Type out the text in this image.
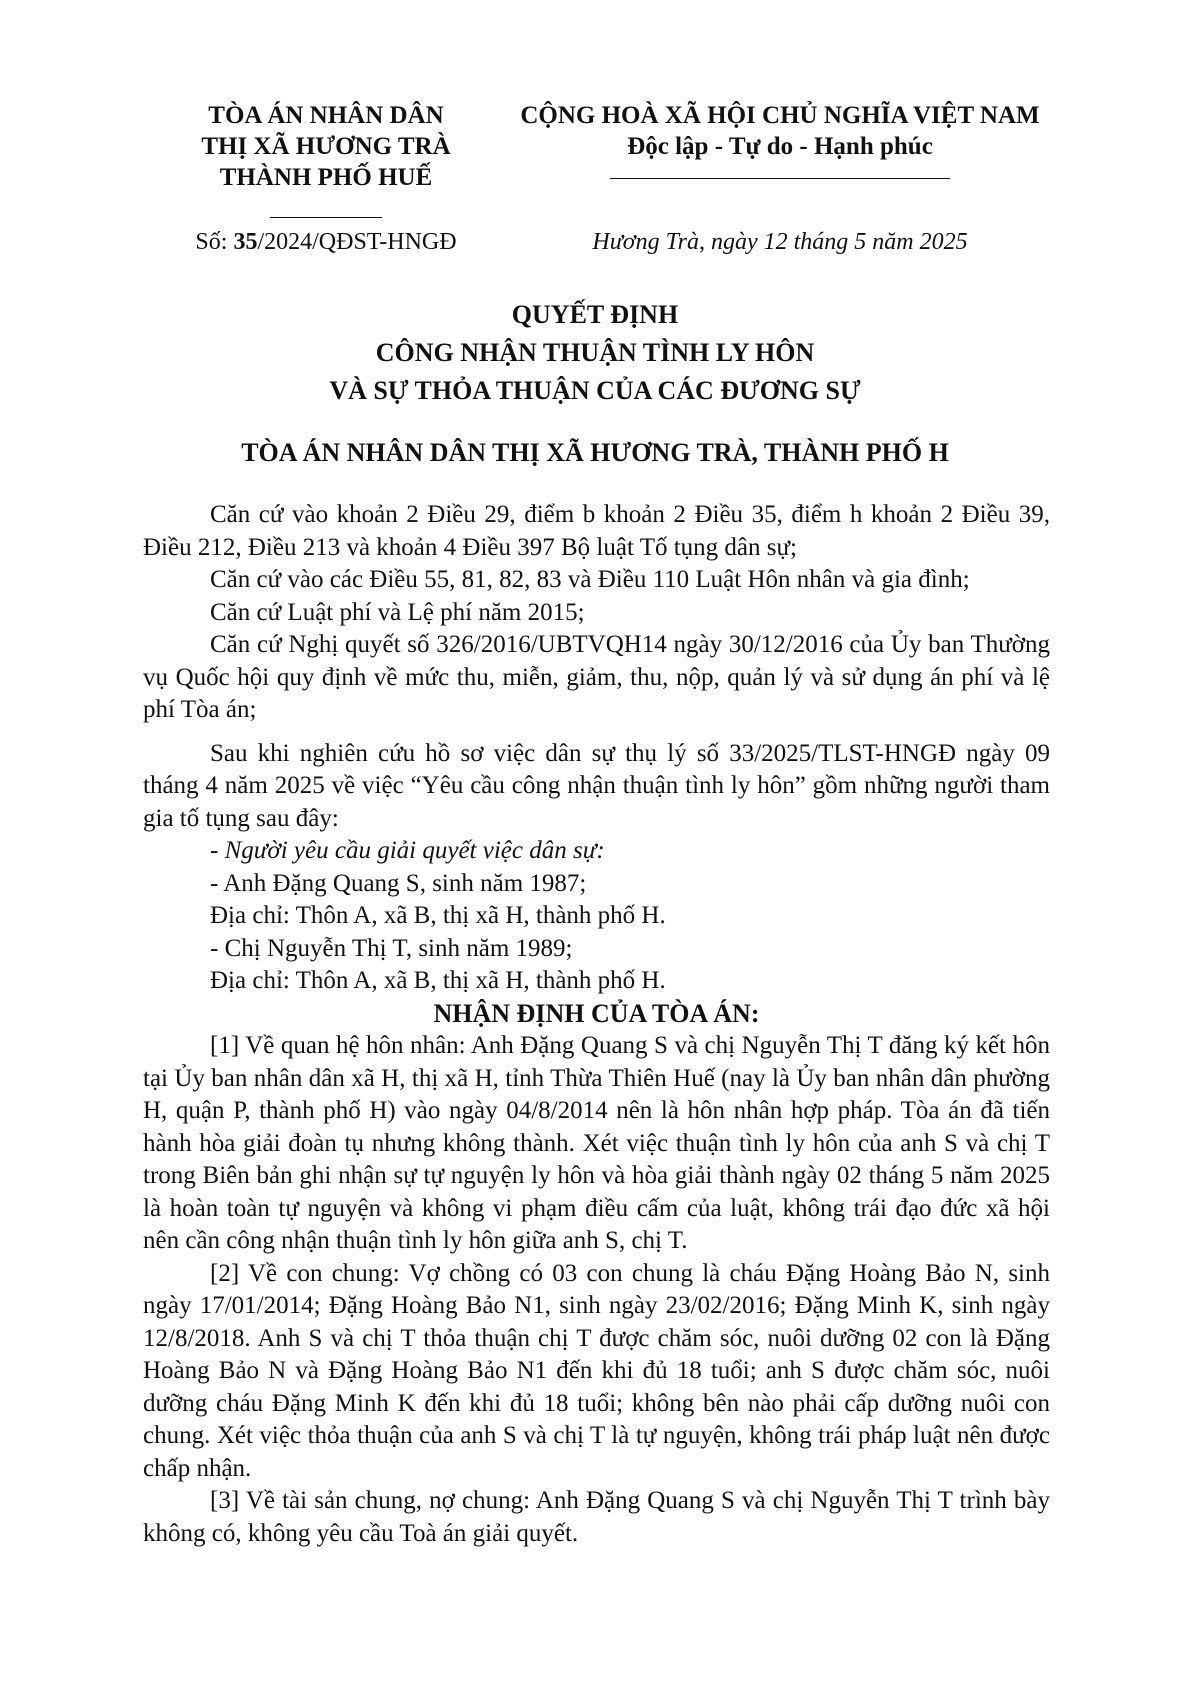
TÒA ÁN NHÂN DÂN
THỊ XÃ HƯƠNG TRÀ
THÀNH PHỐ HUẾ
Số: 35/2024/QĐST-HNGĐ
CỘNG HOÀ XÃ HỘI CHỦ NGHĨA VIỆT NAM
Độc lập - Tự do - Hạnh phúc
Hương Trà, ngày 12 tháng 5 năm 2025
QUYẾT ĐỊNH
CÔNG NHẬN THUẬN TÌNH LY HÔN
VÀ SỰ THỎA THUẬN CỦA CÁC ĐƯƠNG SỰ
TÒA ÁN NHÂN DÂN THỊ XÃ HƯƠNG TRÀ, THÀNH PHỐ H

Căn cứ vào khoản 2 Điều 29, điểm b khoản 2 Điều 35, điểm h khoản 2 Điều 39, Điều 212, Điều 213 và khoản 4 Điều 397 Bộ luật Tố tụng dân sự;

Căn cứ vào các Điều 55, 81, 82, 83 và Điều 110 Luật Hôn nhân và gia đình;

Căn cứ Luật phí và Lệ phí năm 2015;

Căn cứ Nghị quyết số 326/2016/UBTVQH14 ngày 30/12/2016 của Ủy ban Thường vụ Quốc hội quy định về mức thu, miễn, giảm, thu, nộp, quản lý và sử dụng án phí và lệ phí Tòa án;

Sau khi nghiên cứu hồ sơ việc dân sự thụ lý số 33/2025/TLST-HNGĐ ngày 09 tháng 4 năm 2025 về việc “Yêu cầu công nhận thuận tình ly hôn” gồm những người tham gia tố tụng sau đây:

- Người yêu cầu giải quyết việc dân sự:

- Anh Đặng Quang S, sinh năm 1987;

Địa chỉ: Thôn A, xã B, thị xã H, thành phố H.

- Chị Nguyễn Thị T, sinh năm 1989;

Địa chỉ: Thôn A, xã B, thị xã H, thành phố H.

NHẬN ĐỊNH CỦA TÒA ÁN:

[1] Về quan hệ hôn nhân: Anh Đặng Quang S và chị Nguyễn Thị T đăng ký kết hôn tại Ủy ban nhân dân xã H, thị xã H, tỉnh Thừa Thiên Huế (nay là Ủy ban nhân dân phường H, quận P, thành phố H) vào ngày 04/8/2014 nên là hôn nhân hợp pháp. Tòa án đã tiến hành hòa giải đoàn tụ nhưng không thành. Xét việc thuận tình ly hôn của anh S và chị T trong Biên bản ghi nhận sự tự nguyện ly hôn và hòa giải thành ngày 02 tháng 5 năm 2025 là hoàn toàn tự nguyện và không vi phạm điều cấm của luật, không trái đạo đức xã hội nên cần công nhận thuận tình ly hôn giữa anh S, chị T.

[2] Về con chung: Vợ chồng có 03 con chung là cháu Đặng Hoàng Bảo N, sinh ngày 17/01/2014; Đặng Hoàng Bảo N1, sinh ngày 23/02/2016; Đặng Minh K, sinh ngày 12/8/2018. Anh S và chị T thỏa thuận chị T được chăm sóc, nuôi dưỡng 02 con là Đặng Hoàng Bảo N và Đặng Hoàng Bảo N1 đến khi đủ 18 tuổi; anh S được chăm sóc, nuôi dưỡng cháu Đặng Minh K đến khi đủ 18 tuổi; không bên nào phải cấp dưỡng nuôi con chung. Xét việc thỏa thuận của anh S và chị T là tự nguyện, không trái pháp luật nên được chấp nhận.

[3] Về tài sản chung, nợ chung: Anh Đặng Quang S và chị Nguyễn Thị T trình bày không có, không yêu cầu Toà án giải quyết.
